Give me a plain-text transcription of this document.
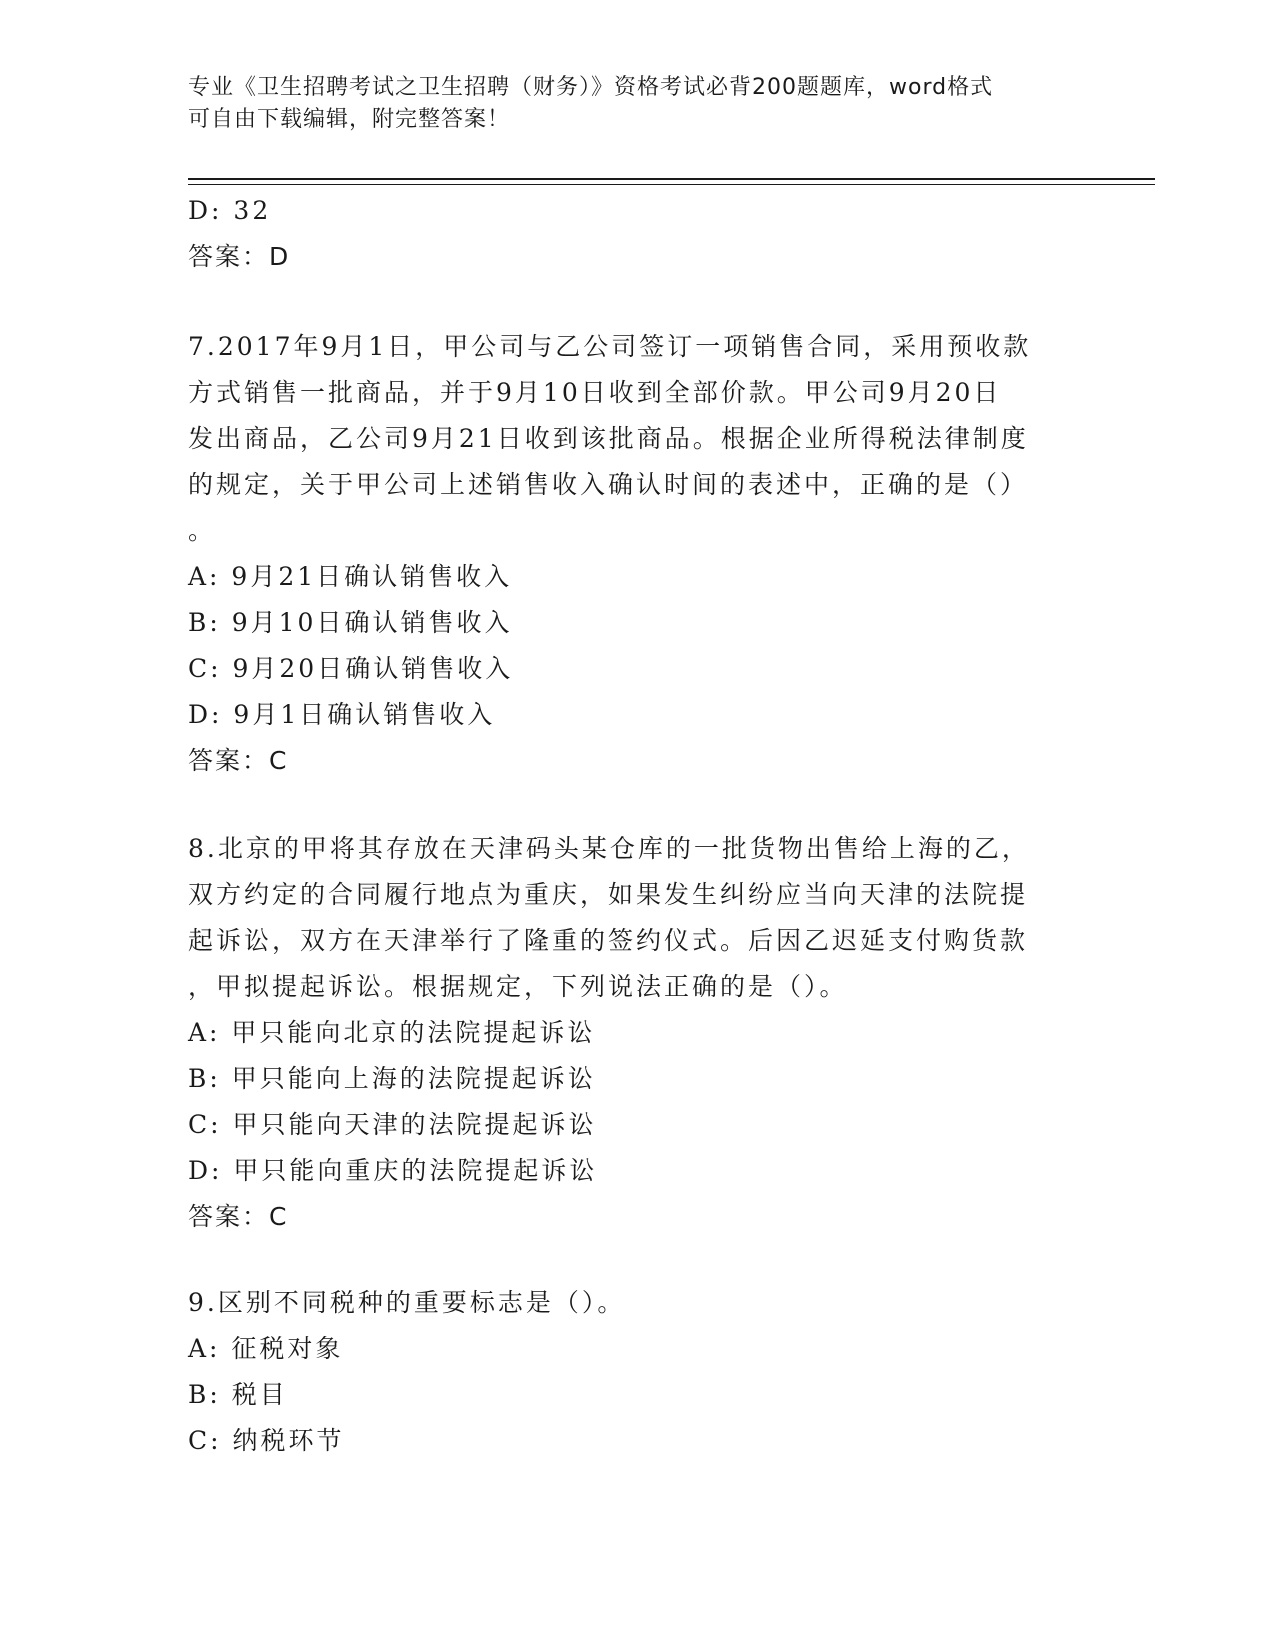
专业《卫生招聘考试之卫生招聘（财务）》资格考试必背200题题库，word格式
可自由下载编辑，附完整答案！
D: 32
答案：D
7.2017年9月1日，甲公司与乙公司签订一项销售合同，采用预收款
方式销售一批商品，并于9月10日收到全部价款。甲公司9月20日
发出商品，乙公司9月21日收到该批商品。根据企业所得税法律制度
的规定，关于甲公司上述销售收入确认时间的表述中，正确的是（）
。
A: 9月21日确认销售收入
B: 9月10日确认销售收入
C: 9月20日确认销售收入
D: 9月1日确认销售收入
答案：C
8.北京的甲将其存放在天津码头某仓库的一批货物出售给上海的乙，
双方约定的合同履行地点为重庆，如果发生纠纷应当向天津的法院提
起诉讼，双方在天津举行了隆重的签约仪式。后因乙迟延支付购货款
，甲拟提起诉讼。根据规定，下列说法正确的是（）。
A: 甲只能向北京的法院提起诉讼
B: 甲只能向上海的法院提起诉讼
C: 甲只能向天津的法院提起诉讼
D: 甲只能向重庆的法院提起诉讼
答案：C
9.区别不同税种的重要标志是（）。
A: 征税对象
B: 税目
C: 纳税环节
